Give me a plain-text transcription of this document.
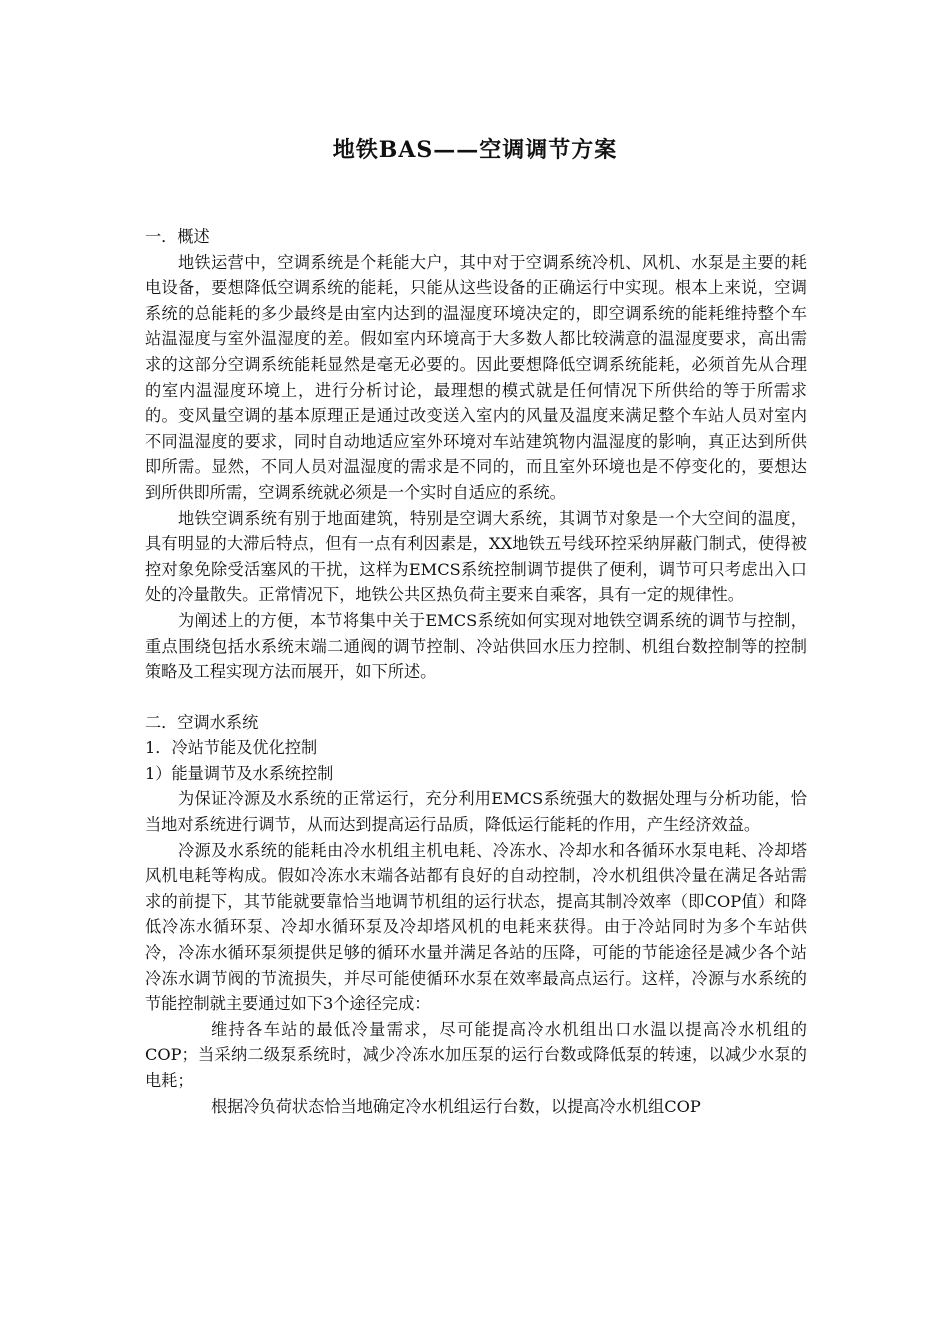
地铁BAS——空调调节方案

一．概述

地铁运营中，空调系统是个耗能大户，其中对于空调系统冷机、风机、水泵是主要的耗电设备，要想降低空调系统的能耗，只能从这些设备的正确运行中实现。根本上来说，空调系统的总能耗的多少最终是由室内达到的温湿度环境决定的，即空调系统的能耗维持整个车站温湿度与室外温湿度的差。假如室内环境高于大多数人都比较满意的温湿度要求，高出需求的这部分空调系统能耗显然是毫无必要的。因此要想降低空调系统能耗，必须首先从合理的室内温湿度环境上，进行分析讨论，最理想的模式就是任何情况下所供给的等于所需求的。变风量空调的基本原理正是通过改变送入室内的风量及温度来满足整个车站人员对室内不同温湿度的要求，同时自动地适应室外环境对车站建筑物内温湿度的影响，真正达到所供即所需。显然，不同人员对温湿度的需求是不同的，而且室外环境也是不停变化的，要想达到所供即所需，空调系统就必须是一个实时自适应的系统。

地铁空调系统有别于地面建筑，特别是空调大系统，其调节对象是一个大空间的温度，具有明显的大滞后特点，但有一点有利因素是，XX地铁五号线环控采纳屏蔽门制式，使得被控对象免除受活塞风的干扰，这样为EMCS系统控制调节提供了便利，调节可只考虑出入口处的冷量散失。正常情况下，地铁公共区热负荷主要来自乘客，具有一定的规律性。

为阐述上的方便，本节将集中关于EMCS系统如何实现对地铁空调系统的调节与控制，重点围绕包括水系统末端二通阀的调节控制、冷站供回水压力控制、机组台数控制等的控制策略及工程实现方法而展开，如下所述。

二．空调水系统

1．冷站节能及优化控制

1）能量调节及水系统控制

为保证冷源及水系统的正常运行，充分利用EMCS系统强大的数据处理与分析功能，恰当地对系统进行调节，从而达到提高运行品质，降低运行能耗的作用，产生经济效益。

冷源及水系统的能耗由冷水机组主机电耗、冷冻水、冷却水和各循环水泵电耗、冷却塔风机电耗等构成。假如冷冻水末端各站都有良好的自动控制，冷水机组供冷量在满足各站需求的前提下，其节能就要靠恰当地调节机组的运行状态，提高其制冷效率（即COP值）和降低冷冻水循环泵、冷却水循环泵及冷却塔风机的电耗来获得。由于冷站同时为多个车站供冷，冷冻水循环泵须提供足够的循环水量并满足各站的压降，可能的节能途径是减少各个站冷冻水调节阀的节流损失，并尽可能使循环水泵在效率最高点运行。这样，冷源与水系统的节能控制就主要通过如下3个途径完成：

维持各车站的最低冷量需求，尽可能提高冷水机组出口水温以提高冷水机组的COP；当采纳二级泵系统时，减少冷冻水加压泵的运行台数或降低泵的转速，以减少水泵的电耗；

根据冷负荷状态恰当地确定冷水机组运行台数，以提高冷水机组COP
